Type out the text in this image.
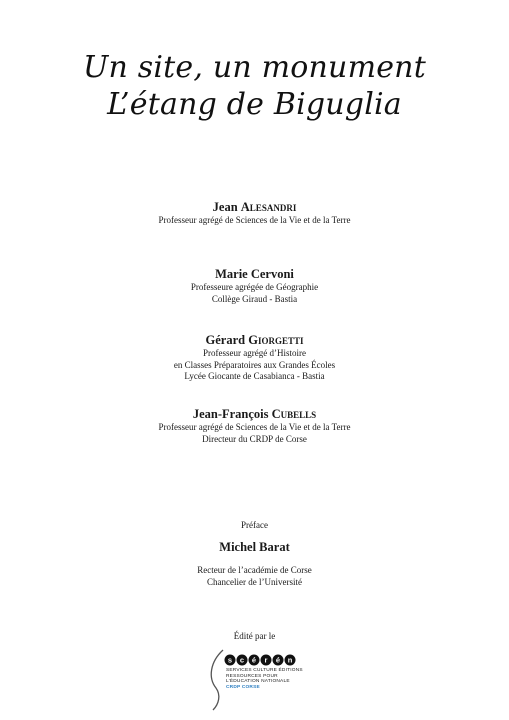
Un site, un monument
L’étang de Biguglia
Jean Alesandri
Professeur agrégé de Sciences de la Vie et de la Terre
Marie Cervoni
Professeure agrégée de Géographie
Collège Giraud - Bastia
Gérard Giorgetti
Professeur agrégé d’Histoire
en Classes Préparatoires aux Grandes Écoles
Lycée Giocante de Casabianca - Bastia
Jean-François Cubells
Professeur agrégé de Sciences de la Vie et de la Terre
Directeur du CRDP de Corse
Préface
Michel Barat
Recteur de l’académie de Corse
Chancelier de l’Université
Édité par le
s c é r é n
SERVICES CULTURE ÉDITIONS
RESSOURCES POUR
L’ÉDUCATION NATIONALE
CRDP CORSE
